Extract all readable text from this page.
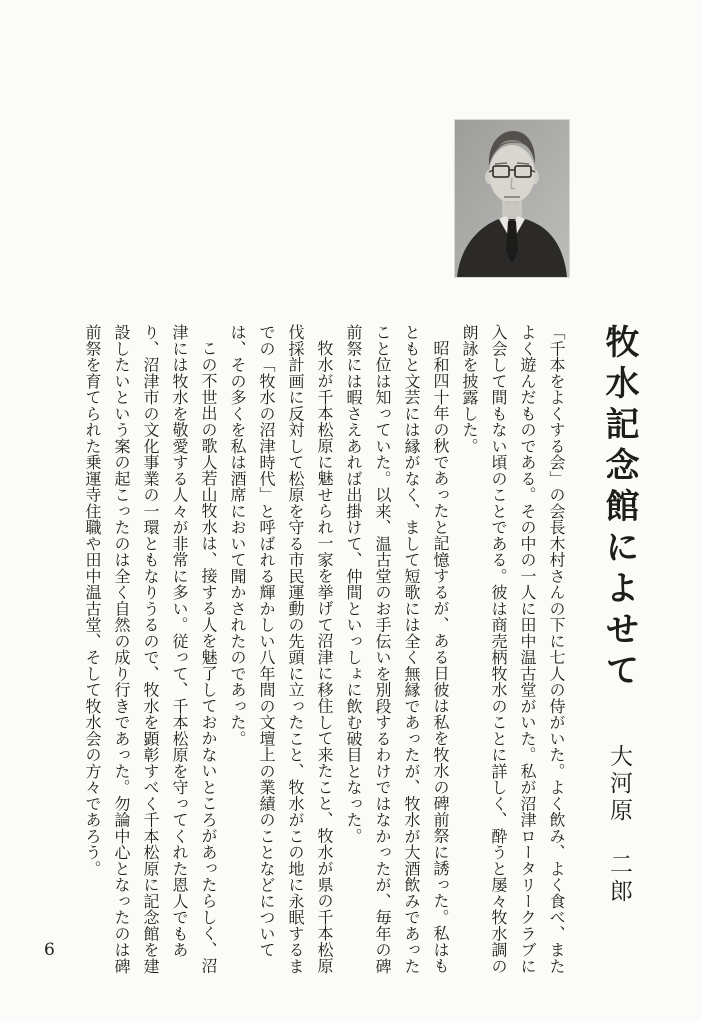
牧水記念館によせて 大河原　二郎

「千本をよくする会」の会長木村さんの下に七人の侍がいた。よく飲み、よく食べ、またよく遊んだものである。その中の一人に田中温古堂がいた。私が沼津ロータリークラブに入会して間もない頃のことである。彼は商売柄牧水のことに詳しく、酔うと屡々牧水調の朗詠を披露した。

昭和四十年の秋であったと記憶するが、ある日彼は私を牧水の碑前祭に誘った。私はもともと文芸には縁がなく、まして短歌には全く無縁であったが、牧水が大酒飲みであったこと位は知っていた。以来、温古堂のお手伝いを別段するわけではなかったが、毎年の碑前祭には暇さえあれば出掛けて、仲間といっしょに飲む破目となった。

牧水が千本松原に魅せられ一家を挙げて沼津に移住して来たこと、牧水が県の千本松原伐採計画に反対して松原を守る市民運動の先頭に立ったこと、牧水がこの地に永眠するまでの「牧水の沼津時代」と呼ばれる輝かしい八年間の文壇上の業績のことなどについては、その多くを私は酒席において聞かされたのであった。

この不世出の歌人若山牧水は、接する人を魅了しておかないところがあったらしく、沼津には牧水を敬愛する人々が非常に多い。従って、千本松原を守ってくれた恩人でもあり、沼津市の文化事業の一環ともなりうるので、牧水を顕彰すべく千本松原に記念館を建設したいという案の起こったのは全く自然の成り行きであった。勿論中心となったのは碑前祭を育てられた乗運寺住職や田中温古堂、そして牧水会の方々であろう。

6
